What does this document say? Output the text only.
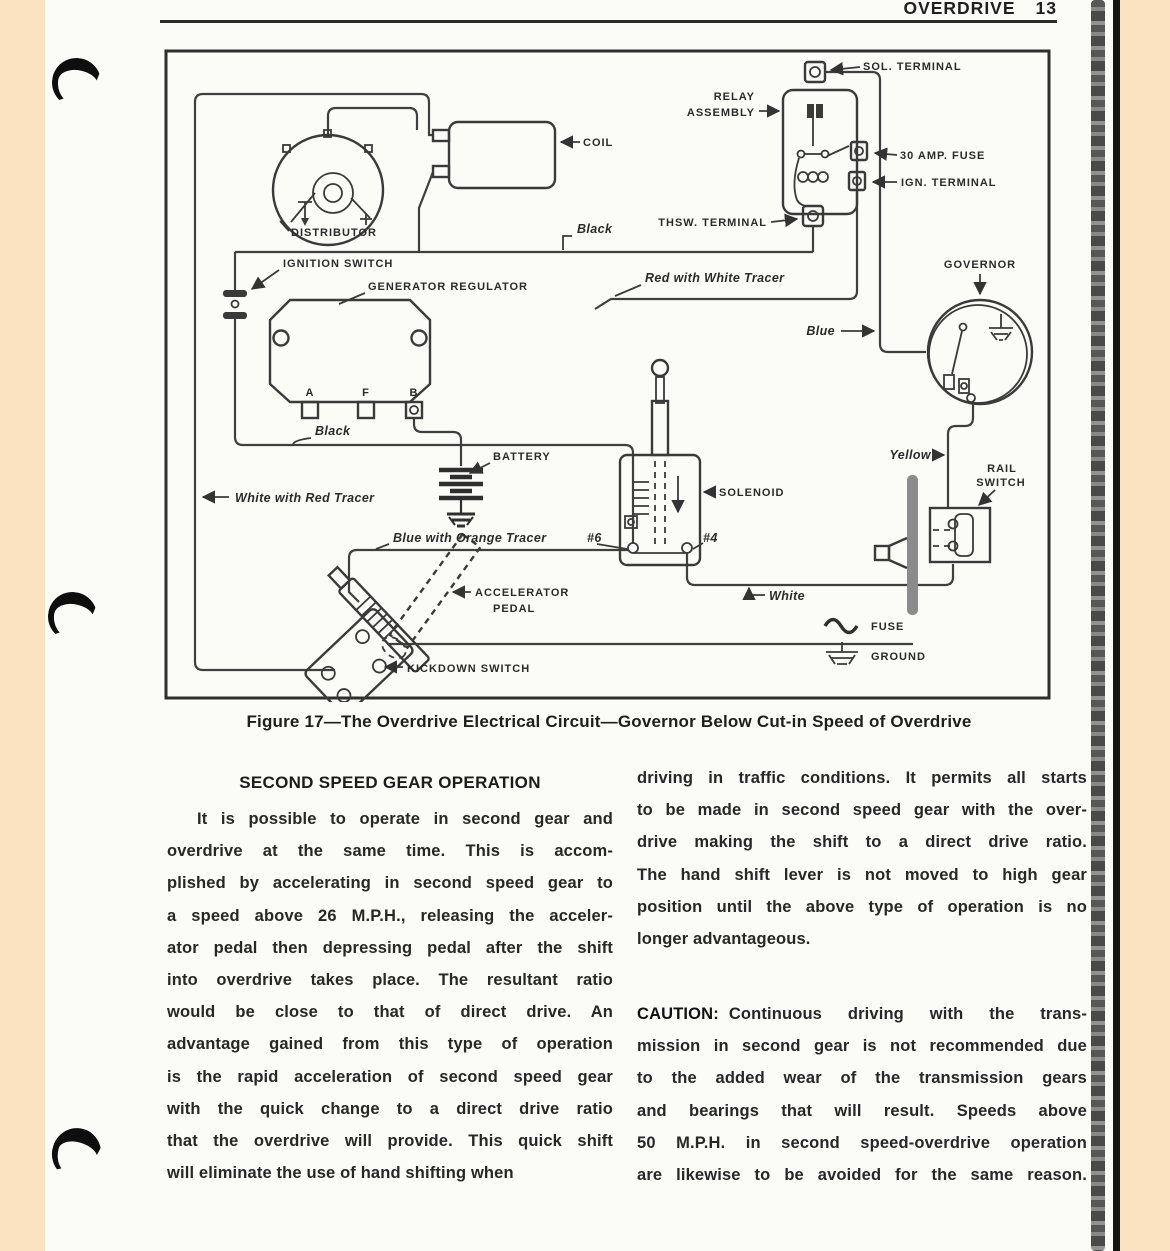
OVERDRIVE 13
COIL
DISTRIBUTOR
IGNITION SWITCH
A	F	B
GENERATOR REGULATOR
BATTERY
RELAY
ASSEMBLY
SOL. TERMINAL
30 AMP. FUSE
IGN. TERMINAL
THSW. TERMINAL
GOVERNOR
RAIL
SWITCH
SOLENOID
#6	#4
ACCELERATOR
PEDAL
KICKDOWN SWITCH
Black
Red with White Tracer
Blue
Black
White with Red Tracer
Blue with Orange Tracer
Yellow
White
FUSE
GROUND
Figure 17—The Overdrive Electrical Circuit—Governor Below Cut-in Speed of Overdrive
SECOND SPEED GEAR OPERATION
It is possible to operate in second gear and
overdrive at the same time. This is accom-
plished by accelerating in second speed gear to
a speed above 26 M.P.H., releasing the acceler-
ator pedal then depressing pedal after the shift
into overdrive takes place. The resultant ratio
would be close to that of direct drive. An
advantage gained from this type of operation
is the rapid acceleration of second speed gear
with the quick change to a direct drive ratio
that the overdrive will provide. This quick shift
will eliminate the use of hand shifting when
driving in traffic conditions. It permits all starts
to be made in second speed gear with the over-
drive making the shift to a direct drive ratio.
The hand shift lever is not moved to high gear
position until the above type of operation is no
longer advantageous.
CAUTION: Continuous driving with the trans-
mission in second gear is not recommended due
to the added wear of the transmission gears
and bearings that will result. Speeds above
50 M.P.H. in second speed-overdrive operation
are likewise to be avoided for the same reason.
